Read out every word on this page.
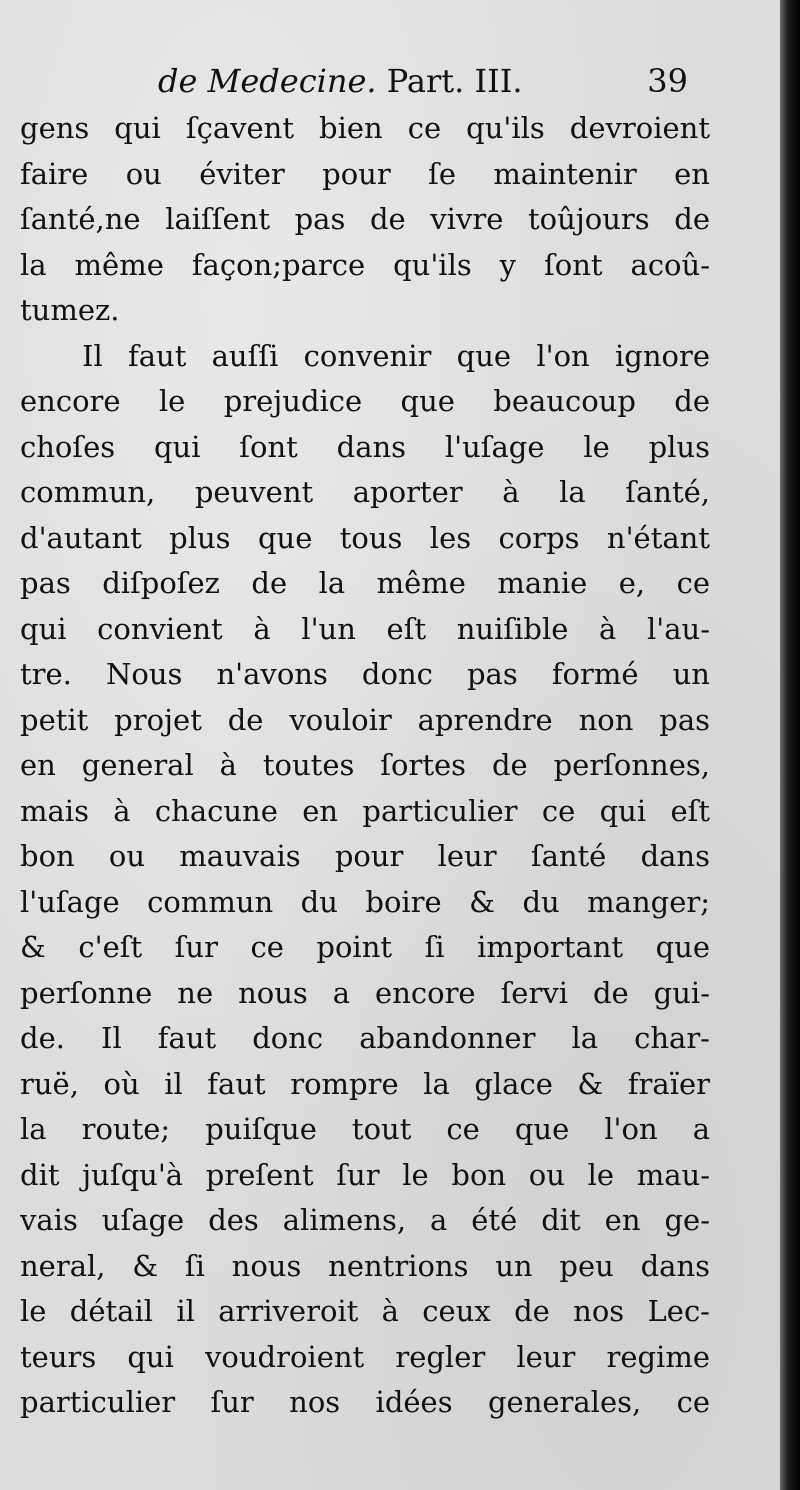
de Medecine. Part. III.	39
gens qui ſçavent bien ce qu'ils devroient
faire ou éviter pour ſe maintenir en
ſanté,ne laiſſent pas de vivre toûjours de
la même façon;parce qu'ils y ſont acoû-
tumez.
Il faut auſſi convenir que l'on ignore
encore le prejudice que beaucoup de
choſes qui ſont dans l'uſage le plus
commun, peuvent aporter à la ſanté,
d'autant plus que tous les corps n'étant
pas diſpoſez de la même manie e, ce
qui convient à l'un eſt nuiſible à l'au-
tre. Nous n'avons donc pas formé un
petit projet de vouloir aprendre non pas
en general à toutes ſortes de perſonnes,
mais à chacune en particulier ce qui eſt
bon ou mauvais pour leur ſanté dans
l'uſage commun du boire & du manger;
& c'eſt ſur ce point ſi important que
perſonne ne nous a encore ſervi de gui-
de. Il faut donc abandonner la char-
ruë, où il faut rompre la glace & fraïer
la route; puiſque tout ce que l'on a
dit juſqu'à preſent ſur le bon ou le mau-
vais uſage des alimens, a été dit en ge-
neral, & ſi nous nentrions un peu dans
le détail il arriveroit à ceux de nos Lec-
teurs qui voudroient regler leur regime
particulier ſur nos idées generales, ce
